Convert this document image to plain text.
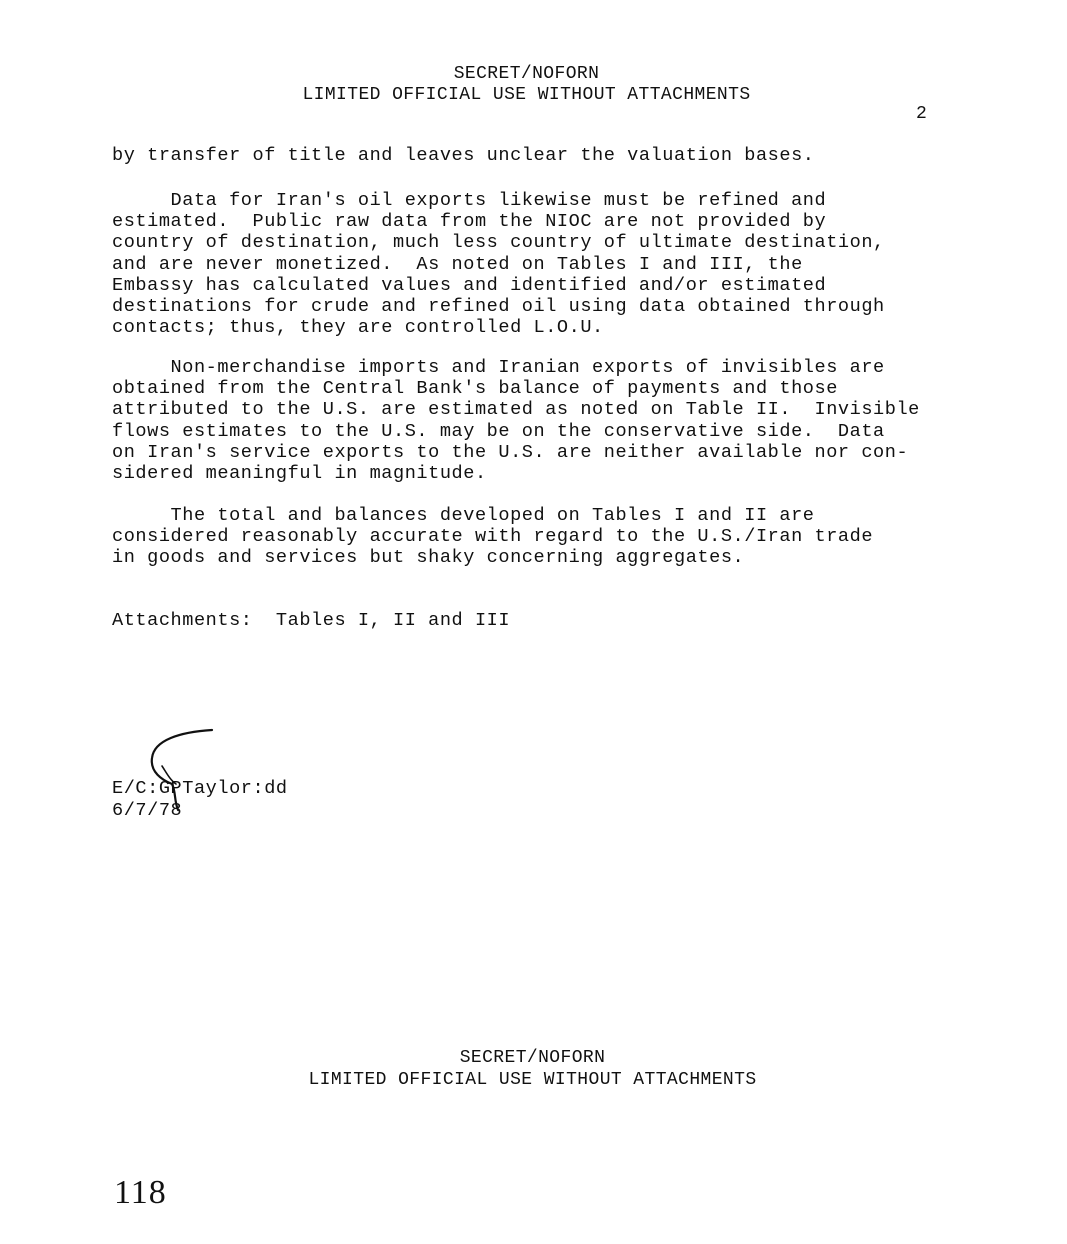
SECRET/NOFORN
LIMITED OFFICIAL USE WITHOUT ATTACHMENTS
2
by transfer of title and leaves unclear the valuation bases.
Data for Iran's oil exports likewise must be refined and
estimated.  Public raw data from the NIOC are not provided by
country of destination, much less country of ultimate destination,
and are never monetized.  As noted on Tables I and III, the
Embassy has calculated values and identified and/or estimated
destinations for crude and refined oil using data obtained through
contacts; thus, they are controlled L.O.U.
Non-merchandise imports and Iranian exports of invisibles are
obtained from the Central Bank's balance of payments and those
attributed to the U.S. are estimated as noted on Table II.  Invisible
flows estimates to the U.S. may be on the conservative side.  Data
on Iran's service exports to the U.S. are neither available nor con-
sidered meaningful in magnitude.
The total and balances developed on Tables I and II are
considered reasonably accurate with regard to the U.S./Iran trade
in goods and services but shaky concerning aggregates.
Attachments:  Tables I, II and III
E/C:GPTaylor:dd
6/7/78
SECRET/NOFORN
LIMITED OFFICIAL USE WITHOUT ATTACHMENTS
118
